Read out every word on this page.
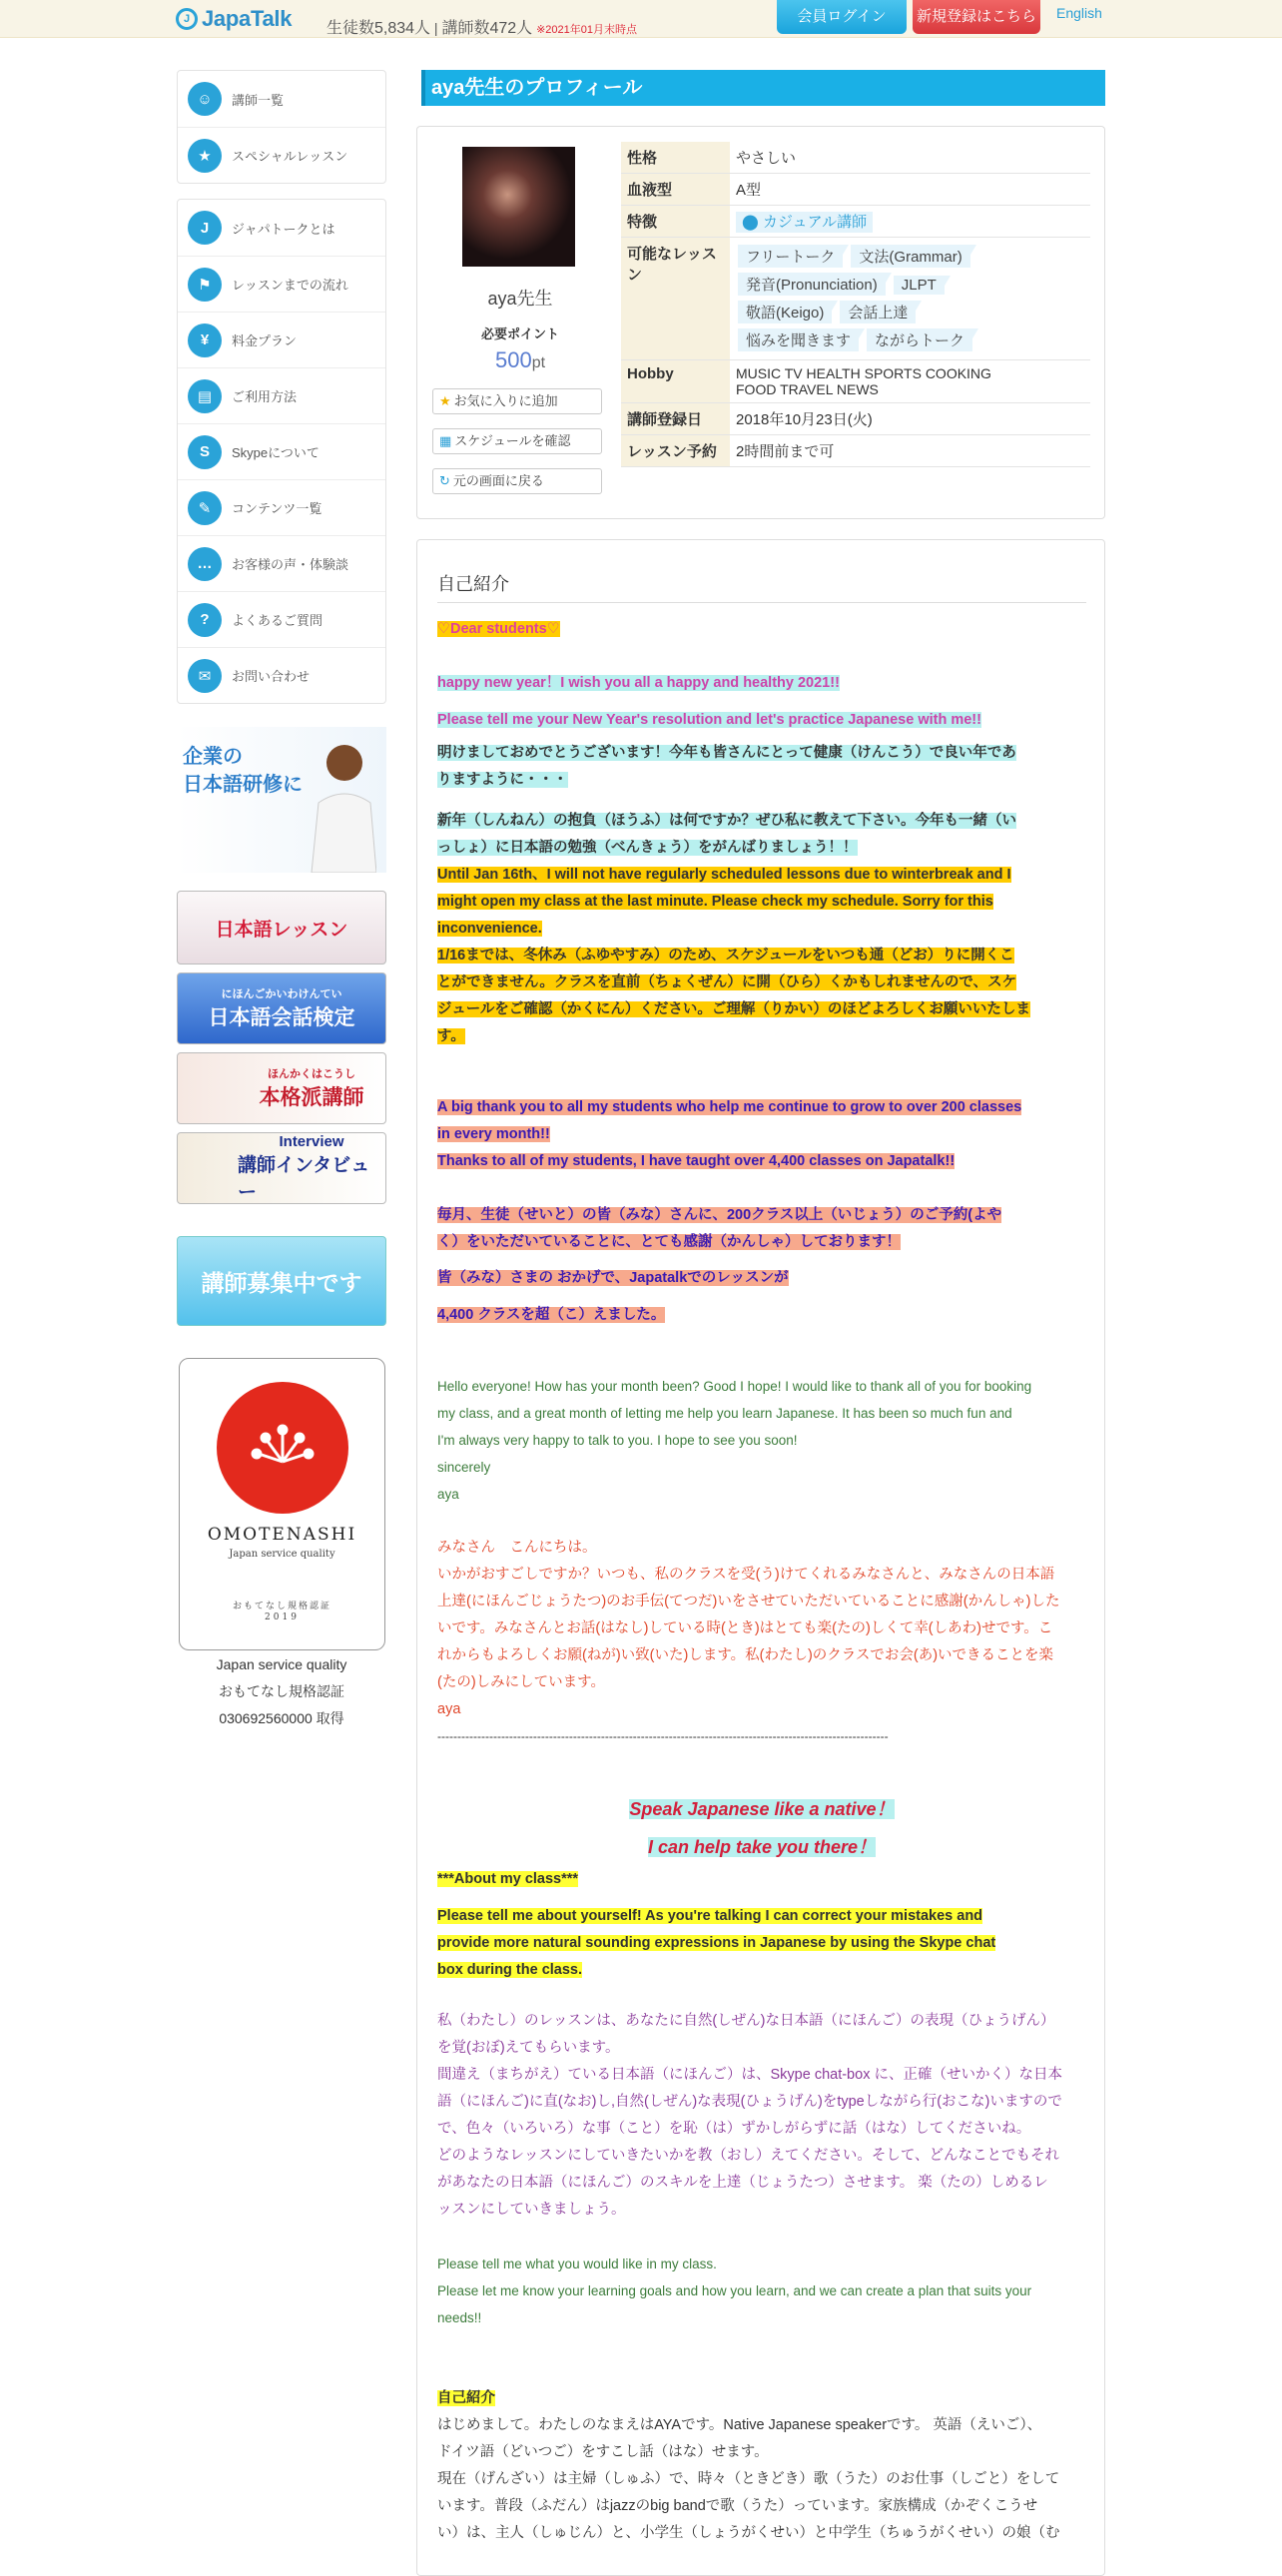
J JapaTalk 生徒数5,834人 | 講師数472人 ※2021年01月末時点
会員ログイン	新規登録はこちら English
☺	講師一覧
★	スペシャルレッスン
J	ジャパトークとは
⚑	レッスンまでの流れ
¥	料金プラン
▤	ご利用方法
S	Skypeについて
✎	コンテンツ一覧
…	お客様の声・体験談
?	よくあるご質問
✉	お問い合わせ
企業の
日本語研修に
日本語レッスン
にほんごかいわけんてい
日本語会話検定
ほんかくはこうし
本格派講師
Interview
講師インタビュー
講師募集中です
OMOTENASHI
Japan service quality
おもてなし規格認証
2019
Japan service quality
おもてなし規格認証
030692560000 取得
aya先生のプロフィール
aya先生
必要ポイント
500pt
★ お気に入りに追加
▦ スケジュールを確認
↻ 元の画面に戻る
性格	やさしい
血液型	A型
特徴	⬤ カジュアル講師
可能なレッスン	フリートーク 文法(Grammar)
発音(Pronunciation) JLPT
敬語(Keigo) 会話上達
悩みを聞きます ながらトーク
Hobby	MUSIC TV HEALTH SPORTS COOKING
FOOD TRAVEL NEWS
講師登録日	2018年10月23日(火)
レッスン予約	2時間前まで可
自己紹介
♡Dear students♡
happy new year！I wish you all a happy and healthy 2021!!
Please tell me your New Year's resolution and let's practice Japanese with me!!
明けましておめでとうございます！今年も皆さんにとって健康（けんこう）で良い年であ
りますように・・・
新年（しんねん）の抱負（ほうふ）は何ですか？ぜひ私に教えて下さい。今年も一緒（い
っしょ）に日本語の勉強（べんきょう）をがんばりましょう！！
Until Jan 16th、I will not have regularly scheduled lessons due to winterbreak and I
might open my class at the last minute. Please check my schedule. Sorry for this
inconvenience.
1/16までは、冬休み（ふゆやすみ）のため、スケジュールをいつも通（どお）りに開くこ
とができません。クラスを直前（ちょくぜん）に開（ひら）くかもしれませんので、スケ
ジュールをご確認（かくにん）ください。ご理解（りかい）のほどよろしくお願いいたしま
す。
A big thank you to all my students who help me continue to grow to over 200 classes
in every month!!
Thanks to all of my students, I have taught over 4,400 classes on Japatalk!!
毎月、生徒（せいと）の皆（みな）さんに、200クラス以上（いじょう）のご予約(よや
く）をいただいていることに、とても感謝（かんしゃ）しております！
皆（みな）さまの おかげで、Japatalkでのレッスンが
4,400 クラスを超（こ）えました。
Hello everyone! How has your month been? Good I hope! I would like to thank all of you for booking
my class, and a great month of letting me help you learn Japanese. It has been so much fun and
I'm always very happy to talk to you. I hope to see you soon!
sincerely
aya
みなさん　こんにちは。
いかがおすごしですか？いつも、私のクラスを受(う)けてくれるみなさんと、みなさんの日本語
上達(にほんごじょうたつ)のお手伝(てつだ)いをさせていただいていることに感謝(かんしゃ)した
いです。みなさんとお話(はなし)している時(とき)はとても楽(たの)しくて幸(しあわ)せです。こ
れからもよろしくお願(ねが)い致(いた)します。私(わたし)のクラスでお会(あ)いできることを楽
(たの)しみにしています。
aya
-----------------------------------------------------------------------------------------------------------------
Speak Japanese like a native！
I can help take you there！
***About my class***
Please tell me about yourself! As you're talking I can correct your mistakes and
provide more natural sounding expressions in Japanese by using the Skype chat
box during the class.
私（わたし）のレッスンは、あなたに自然(しぜん)な日本語（にほんご）の表現（ひょうげん）
を覚(おぼ)えてもらいます。
間違え（まちがえ）ている日本語（にほんご）は、Skype chat-box に、正確（せいかく）な日本
語（にほんご)に直(なお)し,自然(しぜん)な表現(ひょうげん)をtypeしながら行(おこな)いますので
で、色々（いろいろ）な事（こと）を恥（は）ずかしがらずに話（はな）してくださいね。
どのようなレッスンにしていきたいかを教（おし）えてください。そして、どんなことでもそれ
があなたの日本語（にほんご）のスキルを上達（じょうたつ）させます。 楽（たの）しめるレ
ッスンにしていきましょう。
Please tell me what you would like in my class.
Please let me know your learning goals and how you learn, and we can create a plan that suits your
needs!!
自己紹介
はじめまして。わたしのなまえはAYAです。Native Japanese speakerです。 英語（えいご）、
ドイツ語（どいつご）をすこし話（はな）せます。
現在（げんざい）は主婦（しゅふ）で、時々（ときどき）歌（うた）のお仕事（しごと）をして
います。普段（ふだん）はjazzのbig bandで歌（うた）っています。家族構成（かぞくこうせ
い）は、主人（しゅじん）と、小学生（しょうがくせい）と中学生（ちゅうがくせい）の娘（む
